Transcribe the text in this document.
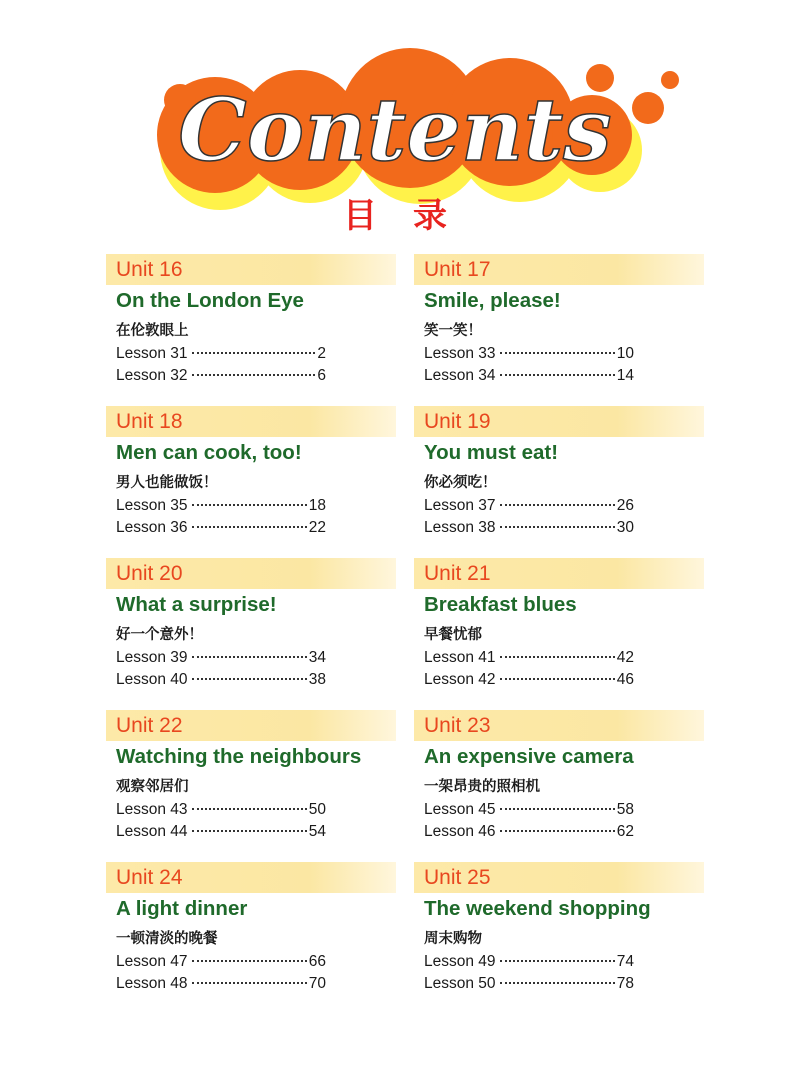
Contents
目录
Unit 16
On the London Eye
在伦敦眼上
Lesson 31	2
Lesson 32	6
Unit 17
Smile, please!
笑一笑！
Lesson 33	10
Lesson 34	14
Unit 18
Men can cook, too!
男人也能做饭！
Lesson 35	18
Lesson 36	22
Unit 19
You must eat!
你必须吃！
Lesson 37	26
Lesson 38	30
Unit 20
What a surprise!
好一个意外！
Lesson 39	34
Lesson 40	38
Unit 21
Breakfast blues
早餐忧郁
Lesson 41	42
Lesson 42	46
Unit 22
Watching the neighbours
观察邻居们
Lesson 43	50
Lesson 44	54
Unit 23
An expensive camera
一架昂贵的照相机
Lesson 45	58
Lesson 46	62
Unit 24
A light dinner
一顿清淡的晚餐
Lesson 47	66
Lesson 48	70
Unit 25
The weekend shopping
周末购物
Lesson 49	74
Lesson 50	78
